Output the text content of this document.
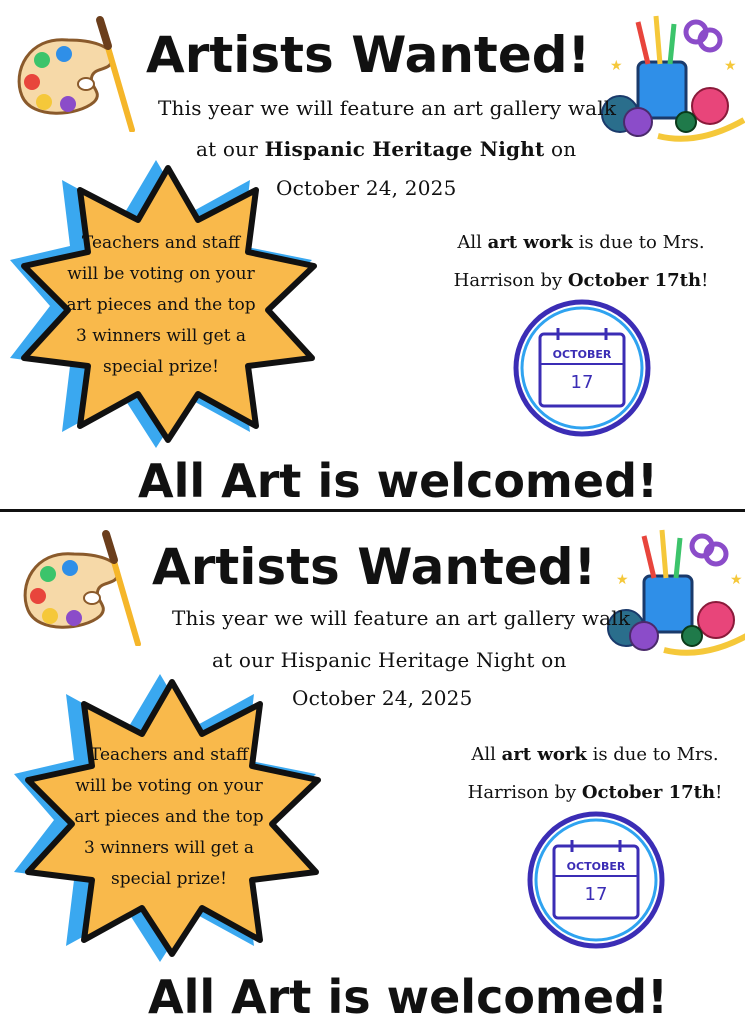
Artists Wanted! ★	★

This year we will feature an art gallery walk

at our Hispanic Heritage Night on

October 24, 2025

Teachers and staff will be voting on your art pieces and the top 3 winners will get a special prize!

All art work is due to Mrs.
Harrison by October 17th!

OCTOBER
17
All Art is welcomed!
Artists Wanted! ★	★

This year we will feature an art gallery walk

at our Hispanic Heritage Night on

October 24, 2025

Teachers and staff will be voting on your art pieces and the top 3 winners will get a special prize!

All art work is due to Mrs.
Harrison by October 17th!

OCTOBER
17
All Art is welcomed!
